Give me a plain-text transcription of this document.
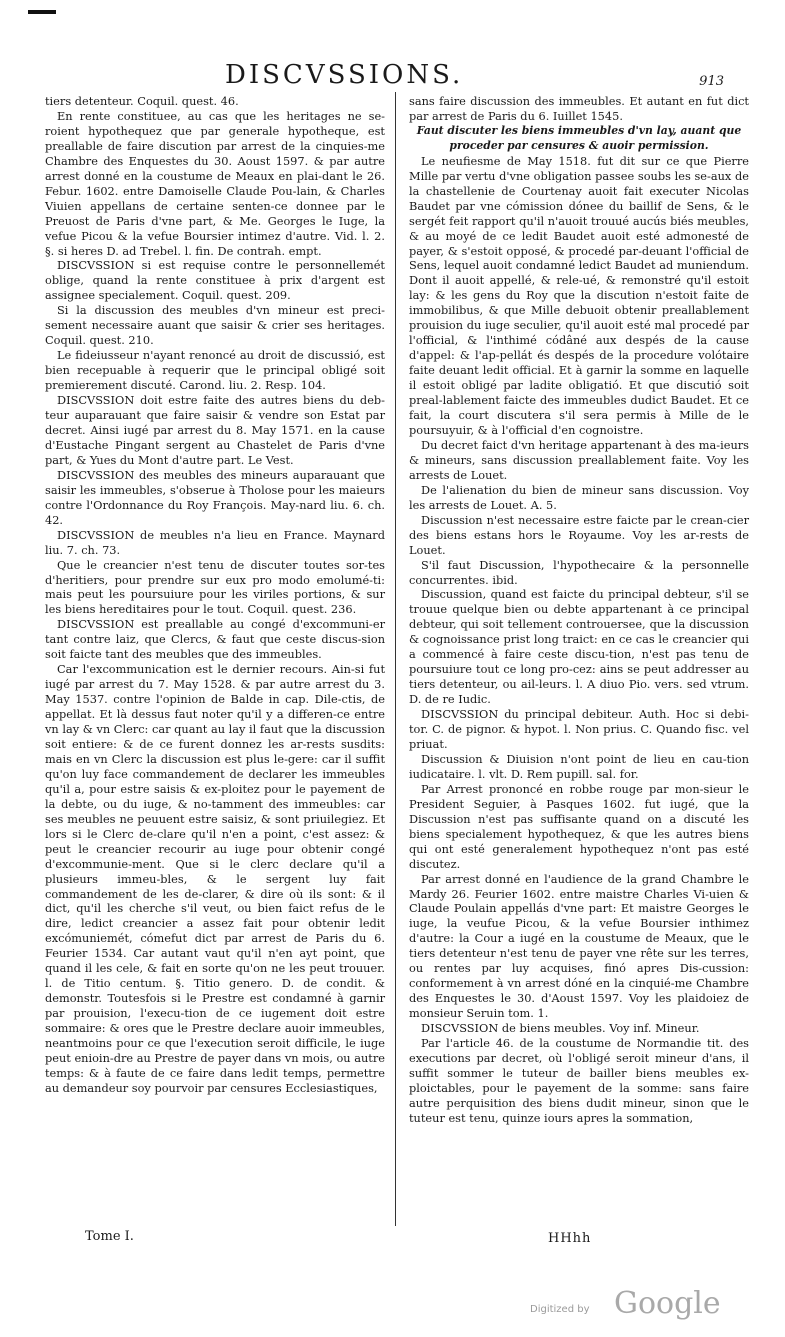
DISCVSSIONS.	913

tiers detenteur. Coquil. quest. 46.

En rente constituee, au cas que les heritages ne se-roient hypothequez que par generale hypotheque, est preallable de faire discution par arrest de la cinquies-me Chambre des Enquestes du 30. Aoust 1597. & par autre arrest donné en la coustume de Meaux en plai-dant le 26. Febur. 1602. entre Damoiselle Claude Pou-lain, & Charles Viuien appellans de certaine senten-ce donnee par le Preuost de Paris d'vne part, & Me. Georges le Iuge, la vefue Picou & la vefue Boursier intimez d'autre. Vid. l. 2. §. si heres D. ad Trebel. l. fin. De contrah. empt.

DISCVSSION si est requise contre le personnellemét oblige, quand la rente constituee à prix d'argent est assignee specialement. Coquil. quest. 209.

Si la discussion des meubles d'vn mineur est preci-sement necessaire auant que saisir & crier ses heritages. Coquil. quest. 210.

Le fideiusseur n'ayant renoncé au droit de discussió, est bien recepuable à requerir que le principal obligé soit premierement discuté. Carond. liu. 2. Resp. 104.

DISCVSSION doit estre faite des autres biens du deb-teur auparauant que faire saisir & vendre son Estat par decret. Ainsi iugé par arrest du 8. May 1571. en la cause d'Eustache Pingant sergent au Chastelet de Paris d'vne part, & Yues du Mont d'autre part. Le Vest.

DISCVSSION des meubles des mineurs auparauant que saisir les immeubles, s'obserue à Tholose pour les maieurs contre l'Ordonnance du Roy François. May-nard liu. 6. ch. 42.

DISCVSSION de meubles n'a lieu en France. Maynard liu. 7. ch. 73.

Que le creancier n'est tenu de discuter toutes sor-tes d'heritiers, pour prendre sur eux pro modo emolumé-ti: mais peut les poursuiure pour les viriles portions, & sur les biens hereditaires pour le tout. Coquil. quest. 236.

DISCVSSION est preallable au congé d'excommuni-er tant contre laiz, que Clercs, & faut que ceste discus-sion soit faicte tant des meubles que des immeubles.

Car l'excommunication est le dernier recours. Ain-si fut iugé par arrest du 7. May 1528. & par autre arrest du 3. May 1537. contre l'opinion de Balde in cap. Dile-ctis, de appellat. Et là dessus faut noter qu'il y a differen-ce entre vn lay & vn Clerc: car quant au lay il faut que la discussion soit entiere: & de ce furent donnez les ar-rests susdits: mais en vn Clerc la discussion est plus le-gere: car il suffit qu'on luy face commandement de declarer les immeubles qu'il a, pour estre saisis & ex-ploitez pour le payement de la debte, ou du iuge, & no-tamment des immeubles: car ses meubles ne peuuent estre saisiz, & sont priuilegiez. Et lors si le Clerc de-clare qu'il n'en a point, c'est assez: & peut le creancier recourir au iuge pour obtenir congé d'excommunie-ment. Que si le clerc declare qu'il a plusieurs immeu-bles, & le sergent luy fait commandement de les de-clarer, & dire où ils sont: & il dict, qu'il les cherche s'il veut, ou bien faict refus de le dire, ledict creancier a assez fait pour obtenir ledit excómuniemét, cómefut dict par arrest de Paris du 6. Feurier 1534. Car autant vaut qu'il n'en ayt point, que quand il les cele, & fait en sorte qu'on ne les peut trouuer. l. de Titio centum. §. Titio genero. D. de condit. & demonstr. Toutesfois si le Prestre est condamné à garnir par prouision, l'execu-tion de ce iugement doit estre sommaire: & ores que le Prestre declare auoir immeubles, neantmoins pour ce que l'execution seroit difficile, le iuge peut enioin-dre au Prestre de payer dans vn mois, ou autre temps: & à faute de ce faire dans ledit temps, permettre au demandeur soy pourvoir par censures Ecclesiastiques,

sans faire discussion des immeubles. Et autant en fut dict par arrest de Paris du 6. Iuillet 1545.

Faut discuter les biens immeubles d'vn lay, auant que proceder par censures & auoir permission.

Le neufiesme de May 1518. fut dit sur ce que Pierre Mille par vertu d'vne obligation passee soubs les se-aux de la chastellenie de Courtenay auoit fait executer Nicolas Baudet par vne cómission dónee du baillif de Sens, & le sergét feit rapport qu'il n'auoit trouué aucús biés meubles, & au moyé de ce ledit Baudet auoit esté admonesté de payer, & s'estoit opposé, & procedé par-deuant l'official de Sens, lequel auoit condamné ledict Baudet ad muniendum. Dont il auoit appellé, & rele-ué, & remonstré qu'il estoit lay: & les gens du Roy que la discution n'estoit faite de immobilibus, & que Mille debuoit obtenir preallablement prouision du iuge seculier, qu'il auoit esté mal procedé par l'official, & l'inthimé códâné aux despés de la cause d'appel: & l'ap-pellát és despés de la procedure volótaire faite deuant ledit official. Et à garnir la somme en laquelle il estoit obligé par ladite obligatió. Et que discutió soit preal-lablement faicte des immeubles dudict Baudet. Et ce fait, la court discutera s'il sera permis à Mille de le poursuyuir, & à l'official d'en cognoistre.

Du decret faict d'vn heritage appartenant à des ma-ieurs & mineurs, sans discussion preallablement faite. Voy les arrests de Louet.

De l'alienation du bien de mineur sans discussion. Voy les arrests de Louet. A. 5.

Discussion n'est necessaire estre faicte par le crean-cier des biens estans hors le Royaume. Voy les ar-rests de Louet.

S'il faut Discussion, l'hypothecaire & la personnelle concurrentes. ibid.

Discussion, quand est faicte du principal debteur, s'il se trouue quelque bien ou debte appartenant à ce principal debteur, qui soit tellement controuersee, que la discussion & cognoissance prist long traict: en ce cas le creancier qui a commencé à faire ceste discu-tion, n'est pas tenu de poursuiure tout ce long pro-cez: ains se peut addresser au tiers detenteur, ou ail-leurs. l. A diuo Pio. vers. sed vtrum. D. de re Iudic.

DISCVSSION du principal debiteur. Auth. Hoc si debi-tor. C. de pignor. & hypot. l. Non prius. C. Quando fisc. vel priuat.

Discussion & Diuision n'ont point de lieu en cau-tion iudicataire. l. vlt. D. Rem pupill. sal. for.

Par Arrest prononcé en robbe rouge par mon-sieur le President Seguier, à Pasques 1602. fut iugé, que la Discussion n'est pas suffisante quand on a discuté les biens specialement hypothequez, & que les autres biens qui ont esté generalement hypothequez n'ont pas esté discutez.

Par arrest donné en l'audience de la grand Chambre le Mardy 26. Feurier 1602. entre maistre Charles Vi-uien & Claude Poulain appellás d'vne part: Et maistre Georges le iuge, la veufue Picou, & la vefue Boursier inthimez d'autre: la Cour a iugé en la coustume de Meaux, que le tiers detenteur n'est tenu de payer vne rête sur les terres, ou rentes par luy acquises, finó apres Dis-cussion: conformement à vn arrest dóné en la cinquié-me Chambre des Enquestes le 30. d'Aoust 1597. Voy les plaidoiez de monsieur Seruin tom. 1.

DISCVSSION de biens meubles. Voy inf. Mineur.

Par l'article 46. de la coustume de Normandie tit. des executions par decret, où l'obligé seroit mineur d'ans, il suffit sommer le tuteur de bailler biens meubles ex-ploictables, pour le payement de la somme: sans faire autre perquisition des biens dudit mineur, sinon que le tuteur est tenu, quinze iours apres la sommation,

Tome I.	HHhh
Digitized by Google
